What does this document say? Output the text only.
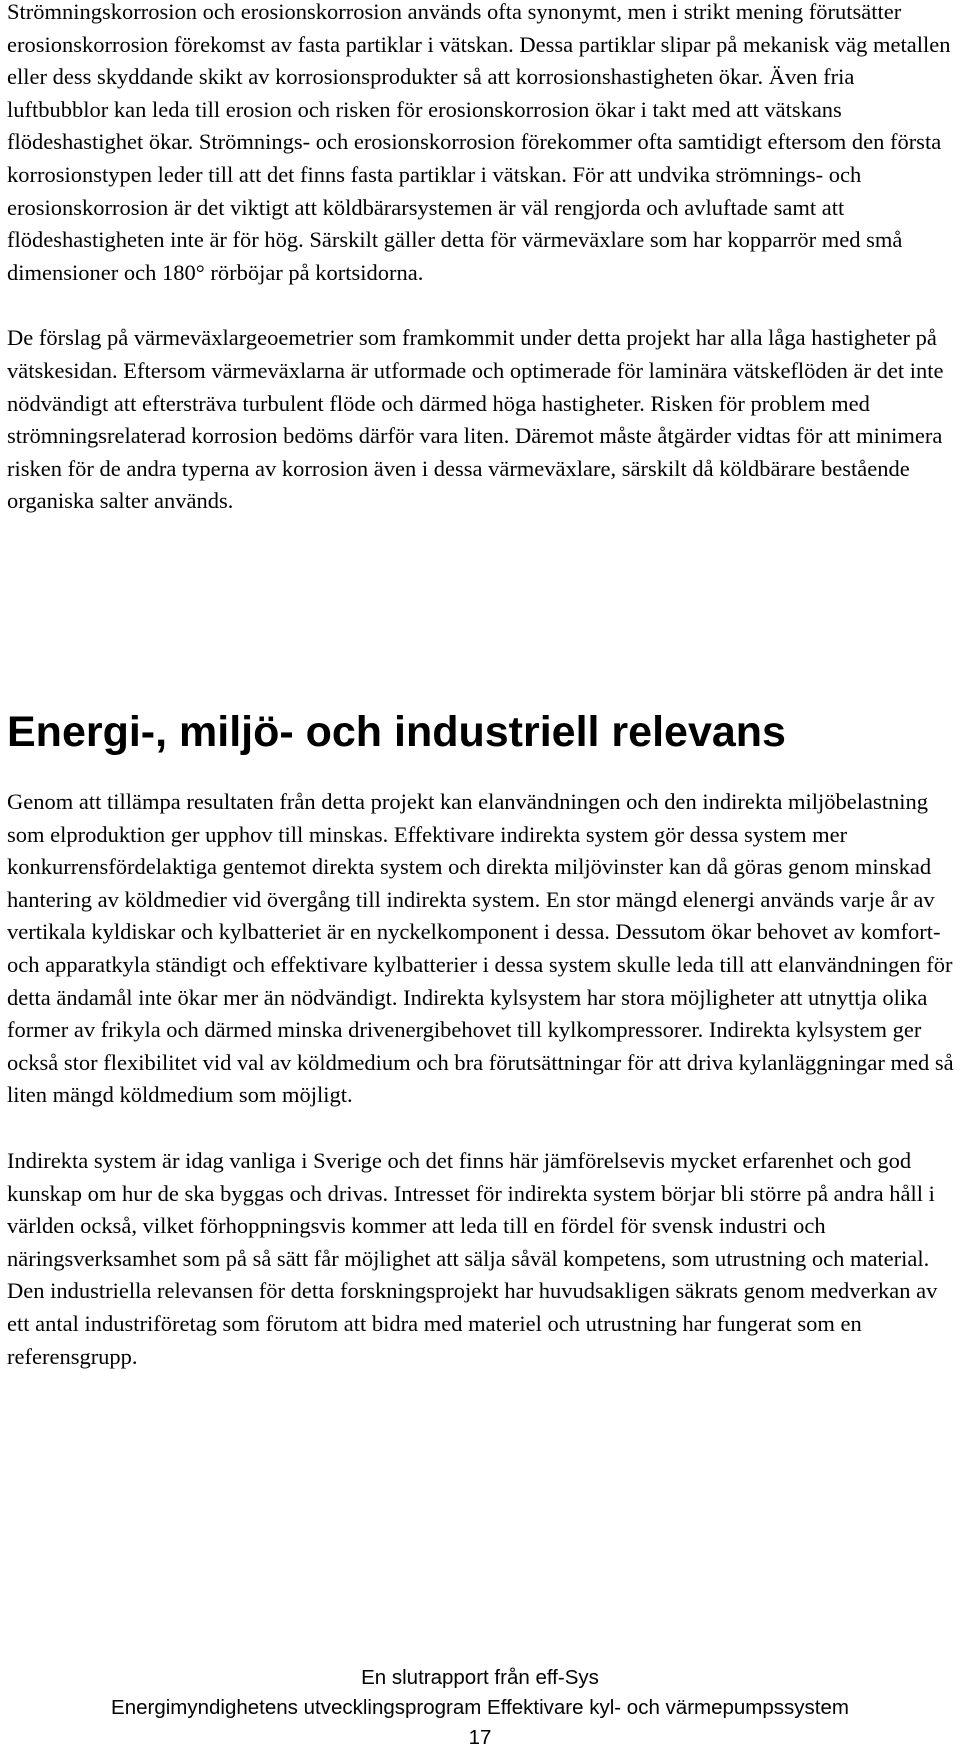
Strömningskorrosion och erosionskorrosion används ofta synonymt, men i strikt mening förutsätter erosionskorrosion förekomst av fasta partiklar i vätskan. Dessa partiklar slipar på mekanisk väg metallen eller dess skyddande skikt av korrosionsprodukter så att korrosionshastigheten ökar. Även fria luftbubblor kan leda till erosion och risken för erosionskorrosion ökar i takt med att vätskans flödeshastighet ökar. Strömnings- och erosionskorrosion förekommer ofta samtidigt eftersom den första korrosionstypen leder till att det finns fasta partiklar i vätskan. För att undvika strömnings- och erosionskorrosion är det viktigt att köldbärarsystemen är väl rengjorda och avluftade samt att flödeshastigheten inte är för hög. Särskilt gäller detta för värmeväxlare som har kopparrör med små dimensioner och 180° rörböjar på kortsidorna.

De förslag på värmeväxlargeoemetrier som framkommit under detta projekt har alla låga hastigheter på vätskesidan. Eftersom värmeväxlarna är utformade och optimerade för laminära vätskeflöden är det inte nödvändigt att eftersträva turbulent flöde och därmed höga hastigheter. Risken för problem med strömningsrelaterad korrosion bedöms därför vara liten. Däremot måste åtgärder vidtas för att minimera risken för de andra typerna av korrosion även i dessa värmeväxlare, särskilt då köldbärare bestående organiska salter används.

Energi-, miljö- och industriell relevans

Genom att tillämpa resultaten från detta projekt kan elanvändningen och den indirekta miljöbelastning som elproduktion ger upphov till minskas. Effektivare indirekta system gör dessa system mer konkurrensfördelaktiga gentemot direkta system och direkta miljövinster kan då göras genom minskad hantering av köldmedier vid övergång till indirekta system. En stor mängd elenergi används varje år av vertikala kyldiskar och kylbatteriet är en nyckelkomponent i dessa. Dessutom ökar behovet av komfort- och apparatkyla ständigt och effektivare kylbatterier i dessa system skulle leda till att elanvändningen för detta ändamål inte ökar mer än nödvändigt. Indirekta kylsystem har stora möjligheter att utnyttja olika former av frikyla och därmed minska drivenergibehovet till kylkompressorer. Indirekta kylsystem ger också stor flexibilitet vid val av köldmedium och bra förutsättningar för att driva kylanläggningar med så liten mängd köldmedium som möjligt.

Indirekta system är idag vanliga i Sverige och det finns här jämförelsevis mycket erfarenhet och god kunskap om hur de ska byggas och drivas. Intresset för indirekta system börjar bli större på andra håll i världen också, vilket förhoppningsvis kommer att leda till en fördel för svensk industri och näringsverksamhet som på så sätt får möjlighet att sälja såväl kompetens, som utrustning och material. Den industriella relevansen för detta forskningsprojekt har huvudsakligen säkrats genom medverkan av ett antal industriföretag som förutom att bidra med materiel och utrustning har fungerat som en referensgrupp.

En slutrapport från eff-Sys
Energimyndighetens utvecklingsprogram Effektivare kyl- och värmepumpssystem
17
